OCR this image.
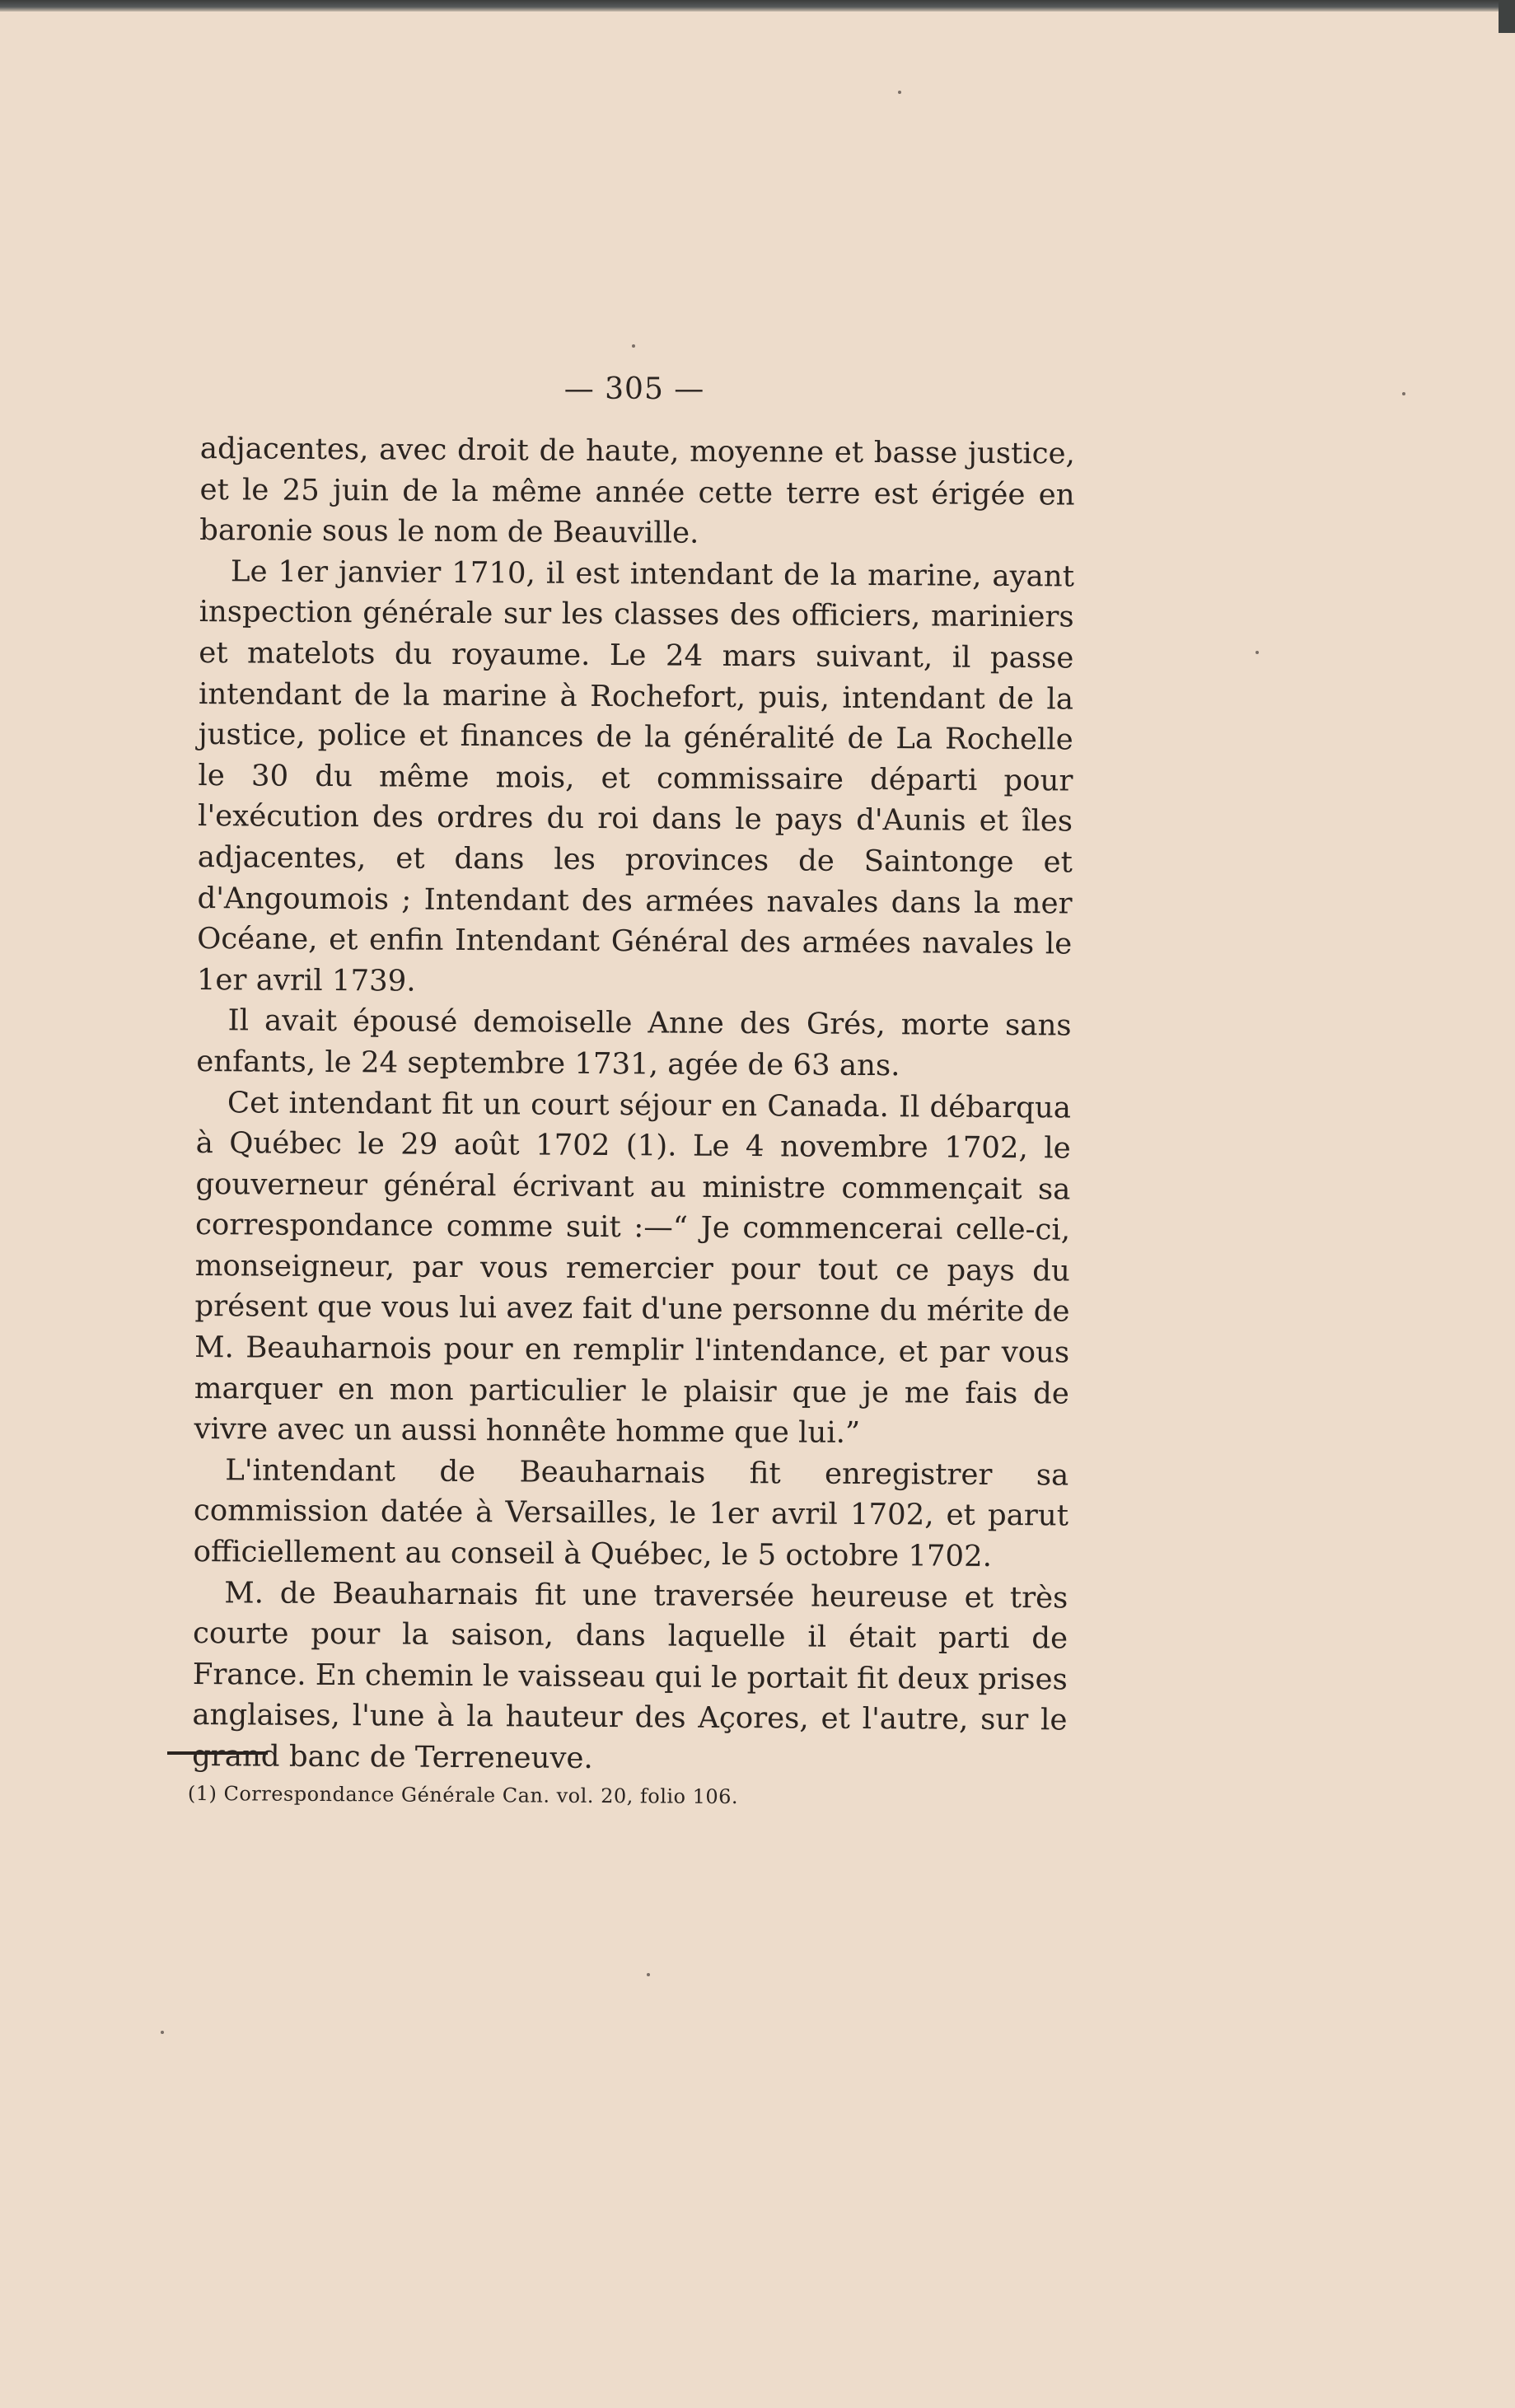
— 305 —

adjacentes, avec droit de haute, moyenne et basse justice, et le 25 juin de la même année cette terre est érigée en baronie sous le nom de Beauville.

Le 1er janvier 1710, il est intendant de la marine, ayant inspection générale sur les classes des officiers, mariniers et matelots du royaume. Le 24 mars suivant, il passe intendant de la marine à Rochefort, puis, intendant de la justice, police et finances de la généralité de La Rochelle le 30 du même mois, et commissaire départi pour l'exécution des ordres du roi dans le pays d'Aunis et îles adjacentes, et dans les provinces de Saintonge et d'Angoumois ; Intendant des armées navales dans la mer Océane, et enfin Intendant Général des armées navales le 1er avril 1739.

Il avait épousé demoiselle Anne des Grés, morte sans enfants, le 24 septembre 1731, agée de 63 ans.

Cet intendant fit un court séjour en Canada. Il débarqua à Québec le 29 août 1702 (1). Le 4 novembre 1702, le gouverneur général écrivant au ministre commençait sa correspondance comme suit :—“ Je commencerai celle-ci, monseigneur, par vous remercier pour tout ce pays du présent que vous lui avez fait d'une personne du mérite de M. Beauharnois pour en remplir l'intendance, et par vous marquer en mon particulier le plaisir que je me fais de vivre avec un aussi honnête homme que lui.”

L'intendant de Beauharnais fit enregistrer sa commission datée à Versailles, le 1er avril 1702, et parut officiellement au conseil à Québec, le 5 octobre 1702.

M. de Beauharnais fit une traversée heureuse et très courte pour la saison, dans laquelle il était parti de France. En chemin le vaisseau qui le portait fit deux prises anglaises, l'une à la hauteur des Açores, et l'autre, sur le grand banc de Terreneuve.

(1) Correspondance Générale Can. vol. 20, folio 106.
